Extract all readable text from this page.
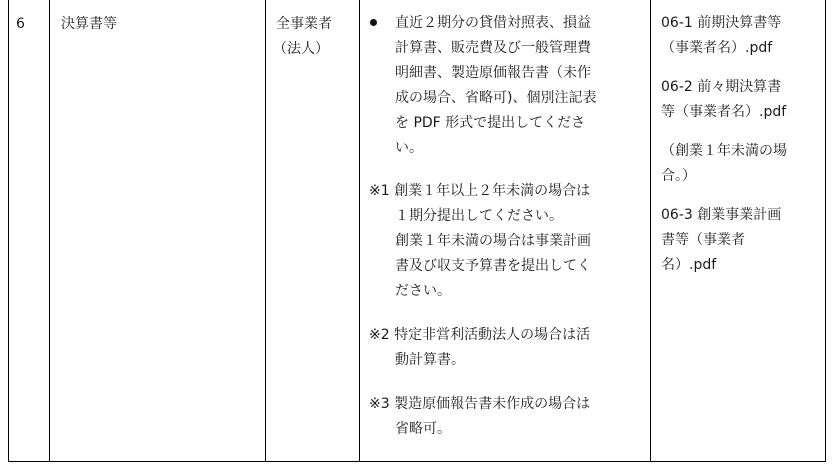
6	決算書等	全事業者
（法人）
直近２期分の貸借対照表、損益
計算書、販売費及び一般管理費
明細書、製造原価報告書（未作
成の場合、省略可)、個別注記表
を PDF 形式で提出してくださ
い。
※1 創業１年以上２年未満の場合は
１期分提出してください。
創業１年未満の場合は事業計画
書及び収支予算書を提出してく
ださい。
※2 特定非営利活動法人の場合は活
動計算書。
※3 製造原価報告書未作成の場合は
省略可。
06-1 前期決算書等
（事業者名）.pdf
06-2 前々期決算書
等（事業者名）.pdf
（創業１年未満の場
合。）
06-3 創業事業計画
書等（事業者
名）.pdf
